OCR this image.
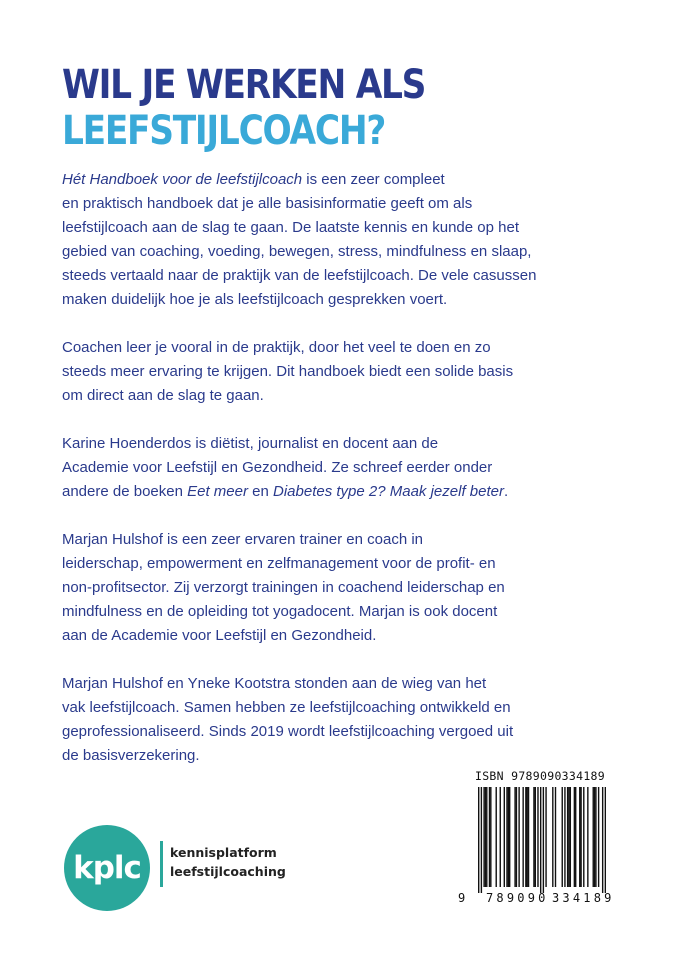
WIL JE WERKEN ALS
LEEFSTIJLCOACH?

Hét Handboek voor de leefstijlcoach is een zeer compleet
en praktisch handboek dat je alle basisinformatie geeft om als
leefstijlcoach aan de slag te gaan. De laatste kennis en kunde op het
gebied van coaching, voeding, bewegen, stress, mindfulness en slaap,
steeds vertaald naar de praktijk van de leefstijlcoach. De vele casussen
maken duidelijk hoe je als leefstijlcoach gesprekken voert.

Coachen leer je vooral in de praktijk, door het veel te doen en zo
steeds meer ervaring te krijgen. Dit handboek biedt een solide basis
om direct aan de slag te gaan.

Karine Hoenderdos is diëtist, journalist en docent aan de
Academie voor Leefstijl en Gezondheid. Ze schreef eerder onder
andere de boeken Eet meer en Diabetes type 2? Maak jezelf beter.

Marjan Hulshof is een zeer ervaren trainer en coach in
leiderschap, empowerment en zelfmanagement voor de profit- en
non-profitsector. Zij verzorgt trainingen in coachend leiderschap en
mindfulness en de opleiding tot yogadocent. Marjan is ook docent
aan de Academie voor Leefstijl en Gezondheid.

Marjan Hulshof en Yneke Kootstra stonden aan de wieg van het
vak leefstijlcoach. Samen hebben ze leefstijlcoaching ontwikkeld en
geprofessionaliseerd. Sinds 2019 wordt leefstijlcoaching vergoed uit
de basisverzekering.

kplc	kennisplatform
leefstijlcoaching
ISBN 9789090334189
9 789090 334189
